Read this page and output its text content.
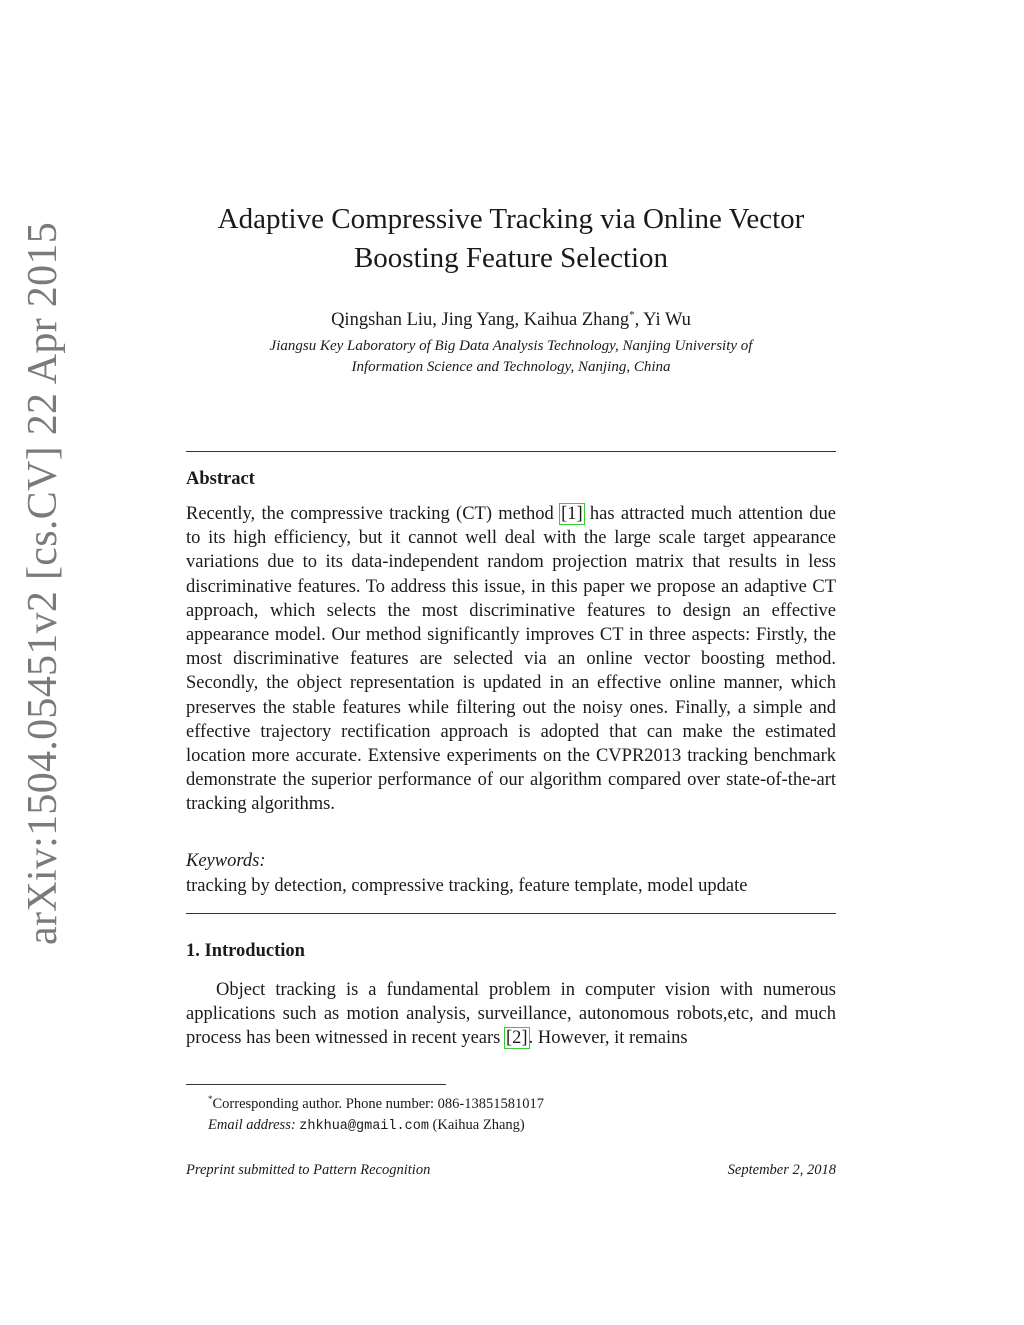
arXiv:1504.05451v2 [cs.CV] 22 Apr 2015
Adaptive Compressive Tracking via Online Vector
Boosting Feature Selection
Qingshan Liu, Jing Yang, Kaihua Zhang*, Yi Wu
Jiangsu Key Laboratory of Big Data Analysis Technology, Nanjing University of
Information Science and Technology, Nanjing, China
Abstract
Recently, the compressive tracking (CT) method [1] has attracted much attention due to its high efficiency, but it cannot well deal with the large scale target appearance variations due to its data-independent random projection matrix that results in less discriminative features. To address this issue, in this paper we propose an adaptive CT approach, which selects the most discriminative features to design an effective appearance model. Our method significantly improves CT in three aspects: Firstly, the most discriminative features are selected via an online vector boosting method. Secondly, the object representation is updated in an effective online manner, which preserves the stable features while filtering out the noisy ones. Finally, a simple and effective trajectory rectification approach is adopted that can make the estimated location more accurate. Extensive experiments on the CVPR2013 tracking benchmark demonstrate the superior performance of our algorithm compared over state-of-the-art tracking algorithms.
Keywords:
tracking by detection, compressive tracking, feature template, model update
1. Introduction
Object tracking is a fundamental problem in computer vision with numerous applications such as motion analysis, surveillance, autonomous robots,etc, and much process has been witnessed in recent years [2]. However, it remains
*Corresponding author. Phone number: 086-13851581017
Email address: zhkhua@gmail.com (Kaihua Zhang)
Preprint submitted to Pattern Recognition	September 2, 2018
